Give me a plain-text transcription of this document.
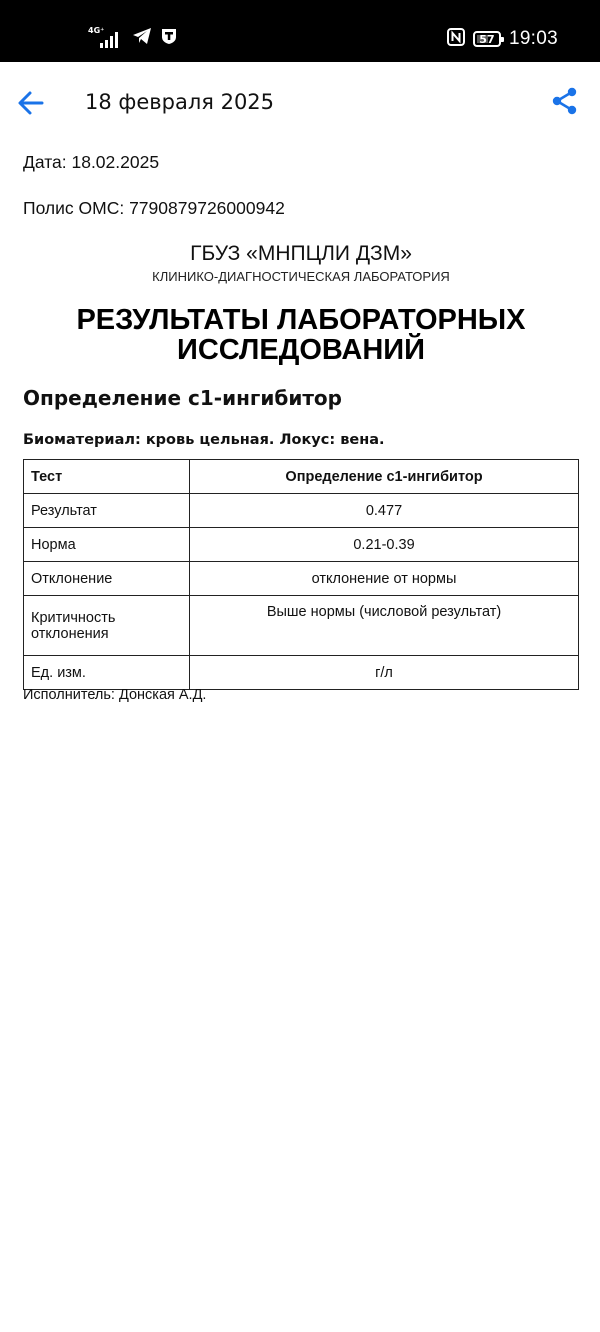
4G⁺
57 19:03
18 февраля 2025
Дата: 18.02.2025
Полис ОМС: 7790879726000942
ГБУЗ «МНПЦЛИ ДЗМ»
КЛИНИКО-ДИАГНОСТИЧЕСКАЯ ЛАБОРАТОРИЯ
РЕЗУЛЬТАТЫ ЛАБОРАТОРНЫХ ИССЛЕДОВАНИЙ
Определение с1-ингибитор
Биоматериал: кровь цельная. Локус: вена.
Тест	Определение с1-ингибитор
Результат	0.477
Норма	0.21-0.39
Отклонение	отклонение от нормы
Критичность отклонения	Выше нормы (числовой результат)
Ед. изм.	г/л
Исполнитель: Донская А.Д.
